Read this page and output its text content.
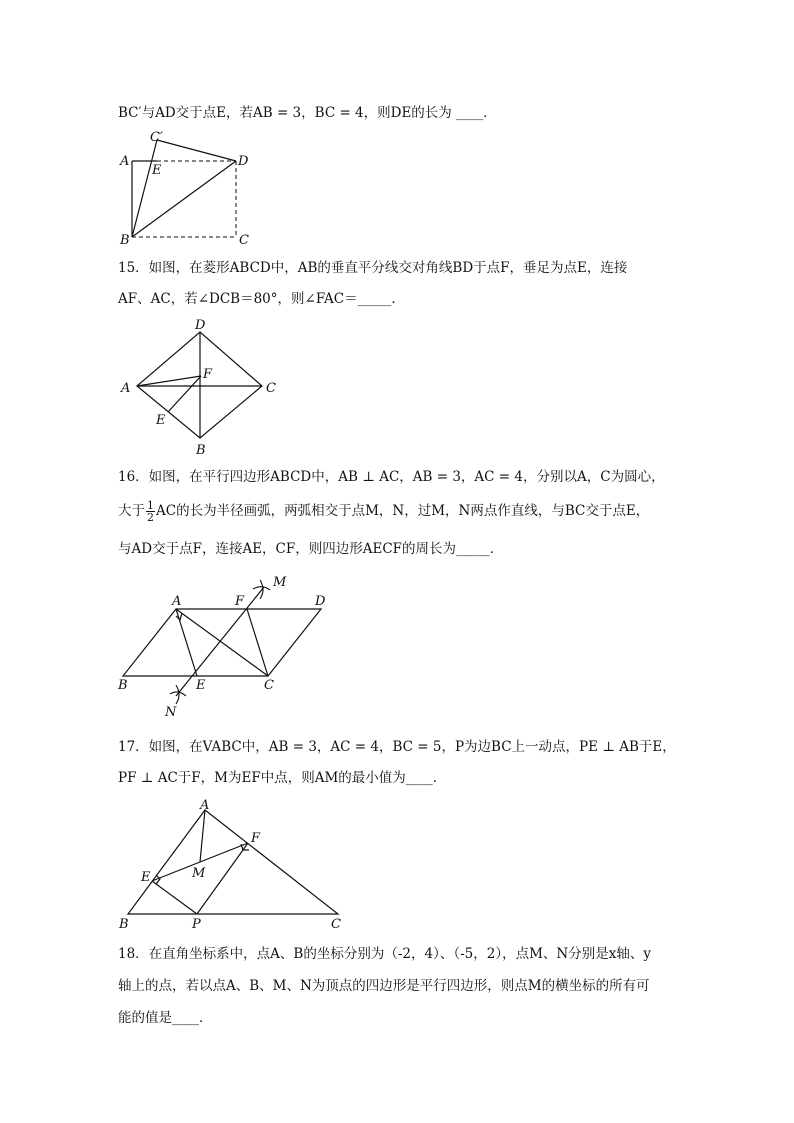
BC′与AD交于点E，若AB = 3，BC = 4，则DE的长为 ____．
A
B	C
C′
D
E
15．如图，在菱形ABCD中，AB的垂直平分线交对角线BD于点F，垂足为点E，连接
AF、AC，若∠DCB＝80°，则∠FAC＝_____．
A
B
C
D
E
F
16．如图，在平行四边形ABCD中，AB ⊥ AC，AB = 3，AC = 4，分别以A，C为圆心，
大于 $\frac{1}{2}$ AC的长为半径画弧，两弧相交于点M，N，过M，N两点作直线，与BC交于点E，
与AD交于点F，连接AE，CF，则四边形AECF的周长为_____．
A
B	C
D
E
F
M
N
17．如图，在VABC中，AB = 3，AC = 4，BC = 5，P为边BC上一动点，PE ⊥ AB于E，
PF ⊥ AC于F，M为EF中点，则AM的最小值为____．
A
B	C
E
F
M
P
18．在直角坐标系中，点A、B的坐标分别为（-2，4）、（-5，2），点M、N分别是x轴、y
轴上的点，若以点A、B、M、N为顶点的四边形是平行四边形，则点M的横坐标的所有可
能的值是____．
